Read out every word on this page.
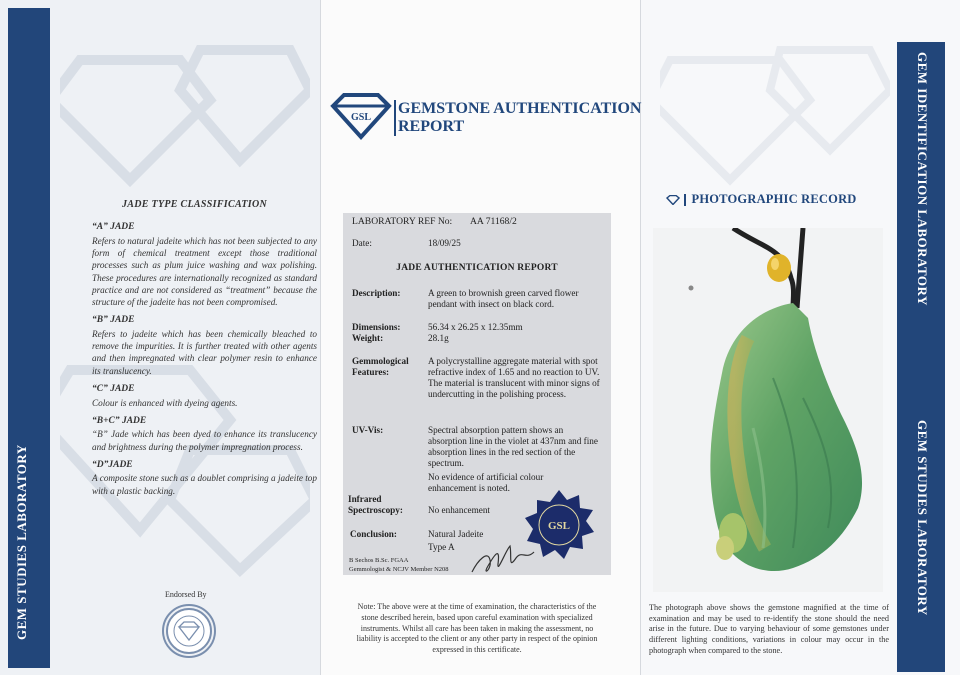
GEM STUDIES LABORATORY
GEM IDENTIFICATION LABORATORY
GEM STUDIES LABORATORY
JADE TYPE CLASSIFICATION
“A” JADE

Refers to natural jadeite which has not been subjected to any form of chemical treatment except those traditional processes such as plum juice washing and wax polishing. These procedures are internationally recognized as standard practice and are not considered as “treatment” because the structure of the jadeite has not been compromised.

“B” JADE

Refers to jadeite which has been chemically bleached to remove the impurities. It is further treated with other agents and then impregnated with clear polymer resin to enhance its translucency.

“C” JADE

Colour is enhanced with dyeing agents.

“B+C” JADE

“B” Jade which has been dyed to enhance its translucency and brightness during the polymer impregnation process.

“D”JADE

A composite stone such as a doublet comprising a jadeite top with a plastic backing.

Endorsed By
GSL
GEMSTONE AUTHENTICATION
REPORT
LABORATORY REF No: AA 71168/2
Date:	18/09/25
JADE AUTHENTICATION REPORT
Description:	A green to brownish green carved flower pendant with insect on black cord.
Dimensions:	56.34 x 26.25 x 12.35mm
Weight:	28.1g
Gemmological
Features:
A polycrystalline aggregate material with spot refractive index of 1.65 and no reaction to UV. The material is translucent with minor signs of undercutting in the polishing process.
UV-Vis:	Spectral absorption pattern shows an absorption line in the violet at 437nm and fine absorption lines in the red section of the spectrum.
No evidence of artificial colour enhancement is noted.
Infrared
Spectroscopy:	No enhancement
Conclusion:	Natural Jadeite
Type A
B Sechos B.Sc. FGAA
Gemmologist & NCJV Member N208
GSL
Note: The above were at the time of examination, the characteristics of the stone described herein, based upon careful examination with specialized instruments. Whilst all care has been taken in making the assessment, no liability is accepted to the client or any other party in respect of the opinion expressed in this certificate.
PHOTOGRAPHIC RECORD
The photograph above shows the gemstone magnified at the time of examination and may be used to re-identify the stone should the need arise in the future. Due to varying behaviour of some gemstones under different lighting conditions, variations in colour may occur in the photograph when compared to the stone.
